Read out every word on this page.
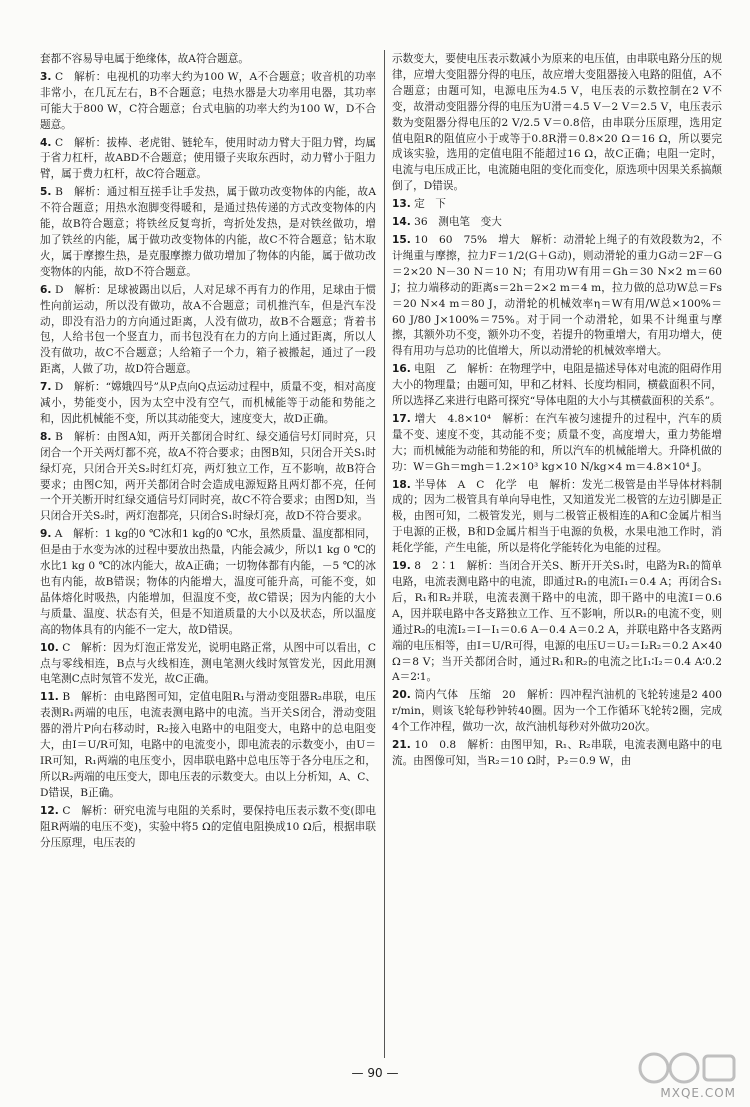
套都不容易导电属于绝缘体，故A符合题意。

3. C　解析：电视机的功率大约为100 W，A不合题意；收音机的功率非常小，在几瓦左右，B不合题意；电热水器是大功率用电器，其功率可能大于800 W，C符合题意；台式电脑的功率大约为100 W，D不合题意。

4. C　解析：拔棒、老虎钳、链轮车，使用时动力臂大于阻力臂，均属于省力杠杆，故ABD不合题意；使用镊子夹取东西时，动力臂小于阻力臂，属于费力杠杆，故C符合题意。

5. B　解析：通过相互搓手让手发热，属于做功改变物体的内能，故A不符合题意；用热水泡脚变得暖和，是通过热传递的方式改变物体的内能，故B符合题意；将铁丝反复弯折，弯折处发热，是对铁丝做功，增加了铁丝的内能，属于做功改变物体的内能，故C不符合题意；钻木取火，属于摩擦生热，是克服摩擦力做功增加了物体的内能，属于做功改变物体的内能，故D不符合题意。

6. D　解析：足球被踢出以后，人对足球不再有力的作用，足球由于惯性向前运动，所以没有做功，故A不合题意；司机推汽车，但是汽车没动，即没有沿力的方向通过距离，人没有做功，故B不合题意；背着书包，人给书包一个竖直力，而书包没有在力的方向上通过距离，所以人没有做功，故C不合题意；人给箱子一个力，箱子被搬起，通过了一段距离，人做了功，故D符合题意。

7. D　解析：“嫦娥四号”从P点向Q点运动过程中，质量不变，相对高度减小，势能变小，因为太空中没有空气，而机械能等于动能和势能之和，因此机械能不变，所以其动能变大，速度变大，故D正确。

8. B　解析：由图A知，两开关都闭合时红、绿交通信号灯同时亮，只闭合一个开关两灯都不亮，故A不符合要求；由图B知，只闭合开关S₁时绿灯亮，只闭合开关S₂时红灯亮，两灯独立工作，互不影响，故B符合要求；由图C知，两开关都闭合时会造成电源短路且两灯都不亮，任何一个开关断开时红绿交通信号灯同时亮，故C不符合要求；由图D知，当只闭合开关S₂时，两灯泡都亮，只闭合S₁时绿灯亮，故D不符合要求。

9. A　解析：1 kg的0 ℃冰和1 kg的0 ℃水，虽然质量、温度都相同，但是由于水变为冰的过程中要放出热量，内能会减少，所以1 kg 0 ℃的水比1 kg 0 ℃的冰内能大，故A正确；一切物体都有内能，－5 ℃的冰也有内能，故B错误；物体的内能增大，温度可能升高，可能不变，如晶体熔化时吸热，内能增加，但温度不变，故C错误；因为内能的大小与质量、温度、状态有关，但是不知道质量的大小以及状态，所以温度高的物体具有的内能不一定大，故D错误。

10. C　解析：因为灯泡正常发光，说明电路正常，从图中可以看出，C点与零线相连，B点与火线相连，测电笔测火线时氖管发光，因此用测电笔测C点时氖管不发光，故C正确。

11. B　解析：由电路图可知，定值电阻R₁与滑动变阻器R₂串联，电压表测R₁两端的电压，电流表测电路中的电流。当开关S闭合，滑动变阻器的滑片P向右移动时，R₂接入电路中的电阻变大，电路中的总电阻变大，由I＝U/R可知，电路中的电流变小，即电流表的示数变小，由U＝IR可知，R₁两端的电压变小，因串联电路中总电压等于各分电压之和，所以R₂两端的电压变大，即电压表的示数变大。由以上分析知，A、C、D错误，B正确。

12. C　解析：研究电流与电阻的关系时，要保持电压表示数不变(即电阻R两端的电压不变)，实验中将5 Ω的定值电阻换成10 Ω后，根据串联分压原理，电压表的

示数变大，要使电压表示数减小为原来的电压值，由串联电路分压的规律，应增大变阻器分得的电压，故应增大变阻器接入电路的阻值，A不合题意；由题可知，电源电压为4.5 V，电压表的示数控制在2 V不变，故滑动变阻器分得的电压为U滑＝4.5 V－2 V＝2.5 V，电压表示数为变阻器分得电压的2 V/2.5 V＝0.8倍，由串联分压原理，选用定值电阻R的阻值应小于或等于0.8R滑＝0.8×20 Ω＝16 Ω，所以要完成该实验，选用的定值电阻不能超过16 Ω，故C正确；电阻一定时，电流与电压成正比，电流随电阻的变化而变化，原选项中因果关系搞颠倒了，D错误。

13. 定　下

14. 36　测电笔　变大

15. 10　60　75%　增大　解析：动滑轮上绳子的有效段数为2，不计绳重与摩擦，拉力F＝1/2(G＋G动)，则动滑轮的重力G动＝2F－G＝2×20 N－30 N＝10 N；有用功W有用＝Gh＝30 N×2 m＝60 J；拉力端移动的距离s＝2h＝2×2 m＝4 m，拉力做的总功W总＝Fs＝20 N×4 m＝80 J，动滑轮的机械效率η＝W有用/W总×100%＝60 J/80 J×100%＝75%。对于同一个动滑轮，如果不计绳重与摩擦，其额外功不变，额外功不变，若提升的物重增大，有用功增大，使得有用功与总功的比值增大，所以动滑轮的机械效率增大。

16. 电阻　乙　解析：在物理学中，电阻是描述导体对电流的阻碍作用大小的物理量；由题可知，甲和乙材料、长度均相同，横截面积不同，所以选择乙来进行电路可探究“导体电阻的大小与其横截面积的关系”。

17. 增大　4.8×10⁴　解析：在汽车被匀速提升的过程中，汽车的质量不变、速度不变，其动能不变；质量不变，高度增大，重力势能增大；而机械能为动能和势能的和，所以汽车的机械能增大。升降机做的功：W＝Gh＝mgh＝1.2×10³ kg×10 N/kg×4 m＝4.8×10⁴ J。

18. 半导体　A　C　化学　电　解析：发光二极管是由半导体材料制成的；因为二极管具有单向导电性，又知道发光二极管的左边引脚是正极，由图可知，二极管发光，则与二极管正极相连的A和C金属片相当于电源的正极，B和D金属片相当于电源的负极，水果电池工作时，消耗化学能，产生电能，所以是将化学能转化为电能的过程。

19. 8　2∶1　解析：当闭合开关S、断开开关S₁时，电路为R₁的简单电路，电流表测电路中的电流，即通过R₁的电流I₁＝0.4 A；再闭合S₁后，R₁和R₂并联，电流表测干路中的电流，即干路中的电流I＝0.6 A，因并联电路中各支路独立工作、互不影响，所以R₁的电流不变，则通过R₂的电流I₂＝I－I₁＝0.6 A－0.4 A＝0.2 A，并联电路中各支路两端的电压相等，由I＝U/R可得，电源的电压U＝U₂＝I₂R₂＝0.2 A×40 Ω＝8 V；当开关都闭合时，通过R₁和R₂的电流之比I₁∶I₂＝0.4 A∶0.2 A＝2∶1。

20. 筒内气体　压缩　20　解析：四冲程汽油机的飞轮转速是2 400 r/min，则该飞轮每秒钟转40圈。因为一个工作循环飞轮转2圈，完成4个工作冲程，做功一次，故汽油机每秒对外做功20次。

21. 10　0.8　解析：由图甲知，R₁、R₂串联，电流表测电路中的电流。由图像可知，当R₂＝10 Ω时，P₂＝0.9 W，由

— 90 —
MXQE.COM
